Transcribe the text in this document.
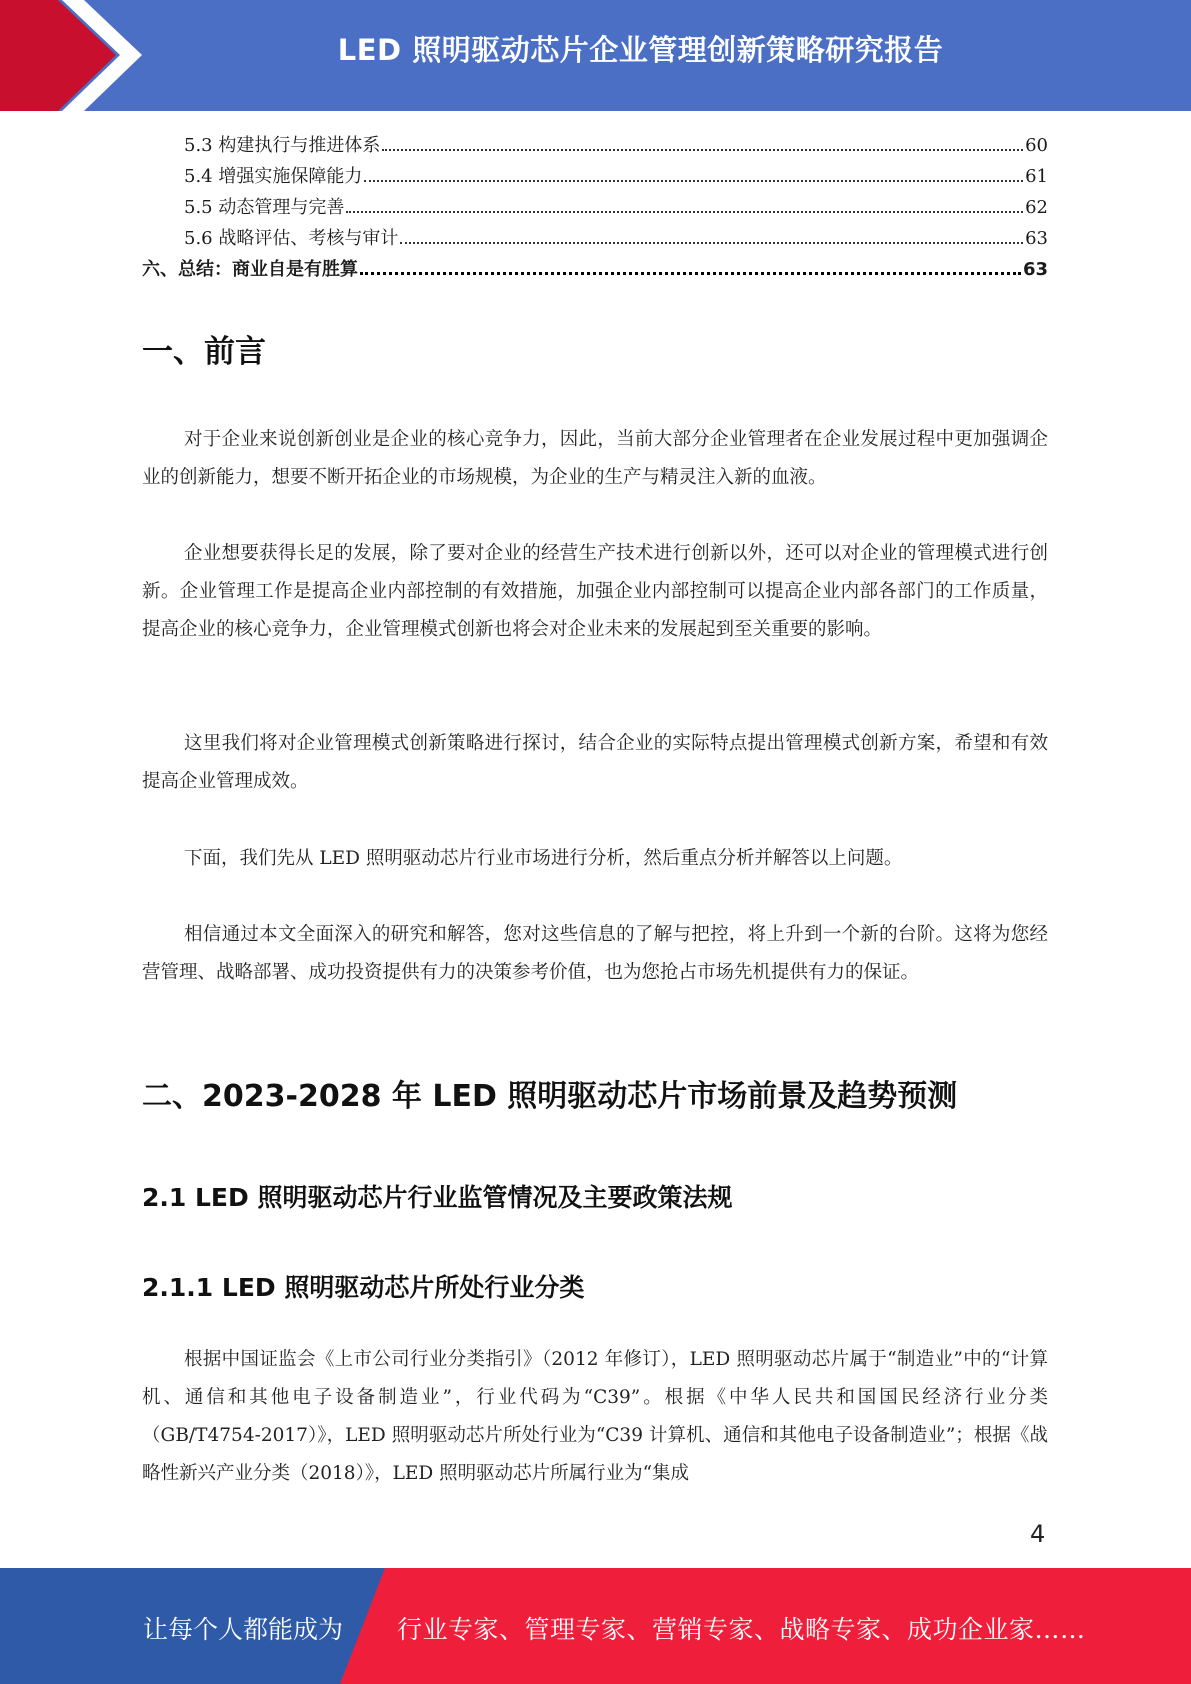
LED 照明驱动芯片企业管理创新策略研究报告
5.3 构建执行与推进体系	60
5.4 增强实施保障能力	61
5.5 动态管理与完善	62
5.6 战略评估、考核与审计	63
六、总结：商业自是有胜算	63
一、前言
对于企业来说创新创业是企业的核心竞争力，因此，当前大部分企业管理者在企业发展过程中更加强调企业的创新能力，想要不断开拓企业的市场规模，为企业的生产与精灵注入新的血液。
企业想要获得长足的发展，除了要对企业的经营生产技术进行创新以外，还可以对企业的管理模式进行创新。企业管理工作是提高企业内部控制的有效措施，加强企业内部控制可以提高企业内部各部门的工作质量，提高企业的核心竞争力，企业管理模式创新也将会对企业未来的发展起到至关重要的影响。
这里我们将对企业管理模式创新策略进行探讨，结合企业的实际特点提出管理模式创新方案，希望和有效提高企业管理成效。
下面，我们先从 LED 照明驱动芯片行业市场进行分析，然后重点分析并解答以上问题。
相信通过本文全面深入的研究和解答，您对这些信息的了解与把控，将上升到一个新的台阶。这将为您经营管理、战略部署、成功投资提供有力的决策参考价值，也为您抢占市场先机提供有力的保证。
二、2023-2028 年 LED 照明驱动芯片市场前景及趋势预测
2.1 LED 照明驱动芯片行业监管情况及主要政策法规
2.1.1 LED 照明驱动芯片所处行业分类
根据中国证监会《上市公司行业分类指引》（2012 年修订），LED 照明驱动芯片属于“制造业”中的“计算机、通信和其他电子设备制造业”，行业代码为“C39”。根据《中华人民共和国国民经济行业分类（GB/T4754-2017）》，LED 照明驱动芯片所处行业为“C39 计算机、通信和其他电子设备制造业”；根据《战略性新兴产业分类（2018）》，LED 照明驱动芯片所属行业为“集成
4
让每个人都能成为 行业专家、管理专家、营销专家、战略专家、成功企业家……
